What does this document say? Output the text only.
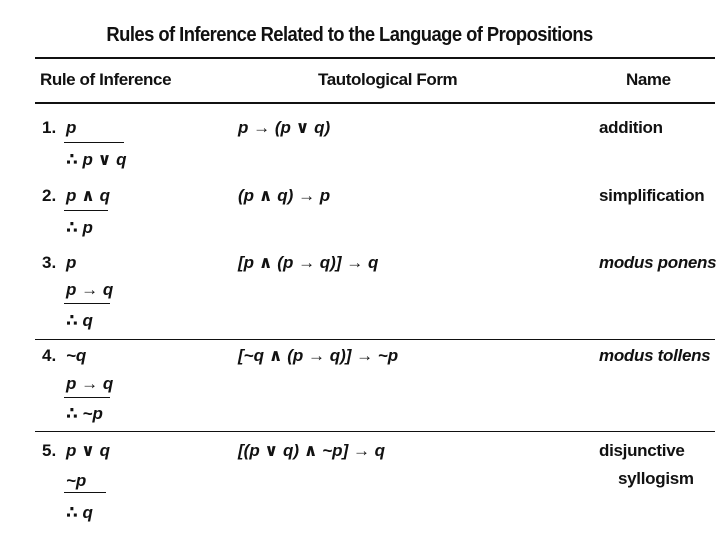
Rules of Inference Related to the Language of Propositions
Rule of Inference	Tautological Form	Name
1. p
∴ p ∨ q
p → (p ∨ q)	addition
2. p ∧ q
∴ p
(p ∧ q) → p	simplification
3. p
p → q
∴ q
[p ∧ (p → q)] → q	modus ponens
4. ~q
p → q
∴ ~p
[~q ∧ (p → q)] → ~p	modus tollens
5. p ∨ q
~p
∴ q
[(p ∨ q) ∧ ~p] → q	disjunctive
syllogism
